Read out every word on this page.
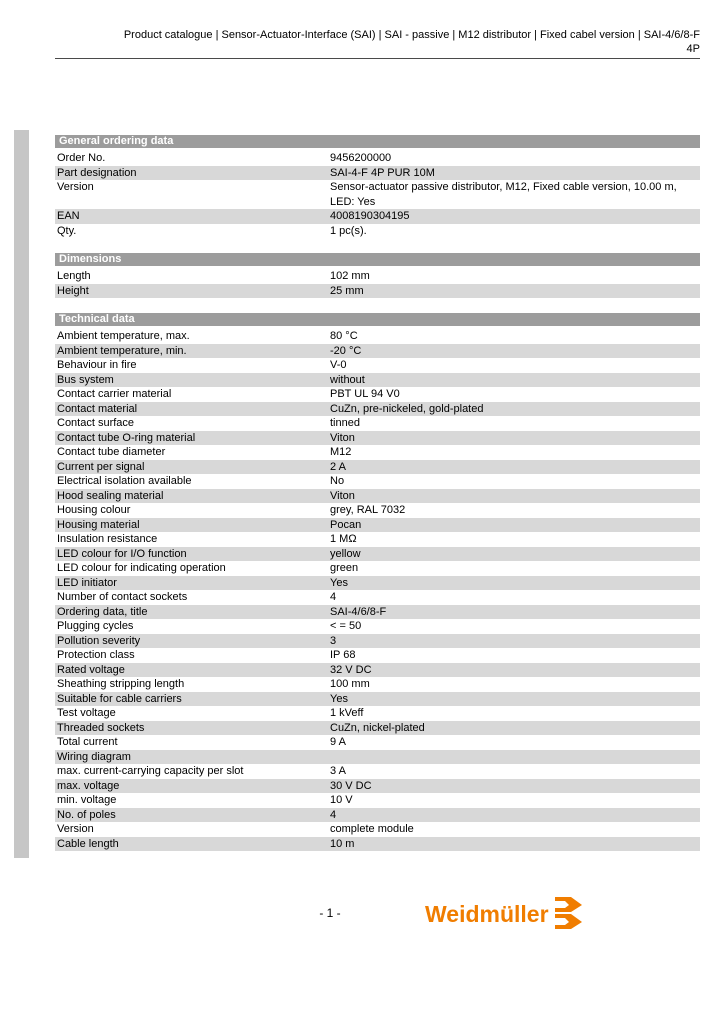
Product catalogue | Sensor-Actuator-Interface (SAI) | SAI - passive | M12 distributor | Fixed cabel version | SAI-4/6/8-F
4P
General ordering data
Order No.	9456200000
Part designation	SAI-4-F 4P PUR 10M
Version	Sensor-actuator passive distributor, M12, Fixed cable version, 10.00 m, LED: Yes
EAN	4008190304195
Qty.	1 pc(s).
Dimensions
Length	102 mm
Height	25 mm
Technical data
Ambient temperature, max.	80 °C
Ambient temperature, min.	-20 °C
Behaviour in fire	V-0
Bus system	without
Contact carrier material	PBT UL 94 V0
Contact material	CuZn, pre-nickeled, gold-plated
Contact surface	tinned
Contact tube O-ring material	Viton
Contact tube diameter	M12
Current per signal	2 A
Electrical isolation available	No
Hood sealing material	Viton
Housing colour	grey, RAL 7032
Housing material	Pocan
Insulation resistance	1 MΩ
LED colour for I/O function	yellow
LED colour for indicating operation	green
LED initiator	Yes
Number of contact sockets	4
Ordering data, title	SAI-4/6/8-F
Plugging cycles	< = 50
Pollution severity	3
Protection class	IP 68
Rated voltage	32 V DC
Sheathing stripping length	100 mm
Suitable for cable carriers	Yes
Test voltage	1 kVeff
Threaded sockets	CuZn, nickel-plated
Total current	9 A
Wiring diagram
max. current-carrying capacity per slot	3 A
max. voltage	30 V DC
min. voltage	10 V
No. of poles	4
Version	complete module
Cable length	10 m
- 1 -	Weidmüller
